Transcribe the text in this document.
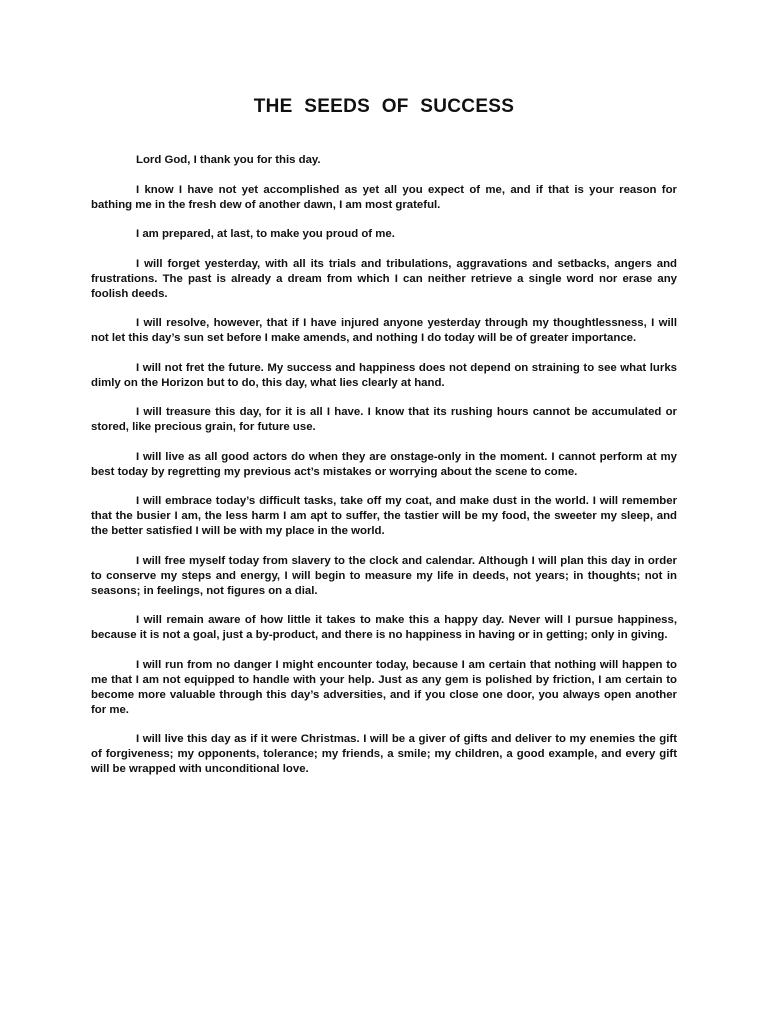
THE SEEDS OF SUCCESS

Lord God, I thank you for this day.

I know I have not yet accomplished as yet all you expect of me, and if that is your reason for bathing me in the fresh dew of another dawn, I am most grateful.

I am prepared, at last, to make you proud of me.

I will forget yesterday, with all its trials and tribulations, aggravations and setbacks, angers and frustrations. The past is already a dream from which I can neither retrieve a single word nor erase any foolish deeds.

I will resolve, however, that if I have injured anyone yesterday through my thoughtlessness, I will not let this day’s sun set before I make amends, and nothing I do today will be of greater importance.

I will not fret the future. My success and happiness does not depend on straining to see what lurks dimly on the Horizon but to do, this day, what lies clearly at hand.

I will treasure this day, for it is all I have. I know that its rushing hours cannot be accumulated or stored, like precious grain, for future use.

I will live as all good actors do when they are onstage-only in the moment. I cannot perform at my best today by regretting my previous act’s mistakes or worrying about the scene to come.

I will embrace today’s difficult tasks, take off my coat, and make dust in the world. I will remember that the busier I am, the less harm I am apt to suffer, the tastier will be my food, the sweeter my sleep, and the better satisfied I will be with my place in the world.

I will free myself today from slavery to the clock and calendar. Although I will plan this day in order to conserve my steps and energy, I will begin to measure my life in deeds, not years; in thoughts; not in seasons; in feelings, not figures on a dial.

I will remain aware of how little it takes to make this a happy day. Never will I pursue happiness, because it is not a goal, just a by-product, and there is no happiness in having or in getting; only in giving.

I will run from no danger I might encounter today, because I am certain that nothing will happen to me that I am not equipped to handle with your help. Just as any gem is polished by friction, I am certain to become more valuable through this day’s adversities, and if you close one door, you always open another for me.

I will live this day as if it were Christmas. I will be a giver of gifts and deliver to my enemies the gift of forgiveness; my opponents, tolerance; my friends, a smile; my children, a good example, and every gift will be wrapped with unconditional love.
